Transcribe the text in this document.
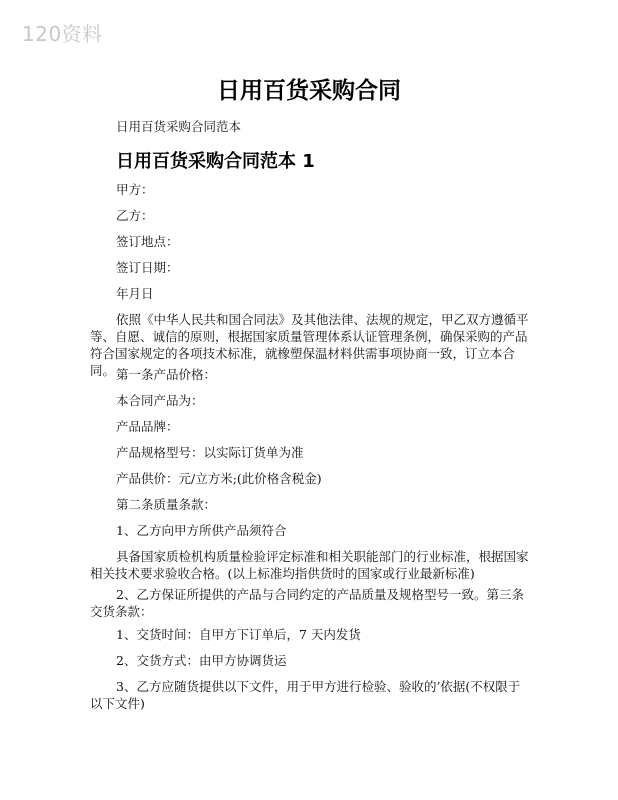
120资料
日用百货采购合同
日用百货采购合同范本
日用百货采购合同范本 1

甲方：

乙方：

签订地点：

签订日期：

年月日

依照《中华人民共和国合同法》及其他法律、法规的规定，甲乙双方遵循平等、自愿、诚信的原则，根据国家质量管理体系认证管理条例，确保采购的产品符合国家规定的各项技术标准，就橡塑保温材料供需事项协商一致，订立本合同。 第一条产品价格：

本合同产品为：

产品品牌：

产品规格型号：以实际订货单为准

产品供价：元/立方米;(此价格含税金)

第二条质量条款：

1、乙方向甲方所供产品须符合

具备国家质检机构质量检验评定标准和相关职能部门的行业标准，根据国家相关技术要求验收合格。(以上标准均指供货时的国家或行业最新标准)

2、乙方保证所提供的产品与合同约定的产品质量及规格型号一致。第三条交货条款：

1、交货时间：自甲方下订单后，7 天内发货

2、交货方式：由甲方协调货运

3、乙方应随货提供以下文件，用于甲方进行检验、验收的’依据(不权限于以下文件)
